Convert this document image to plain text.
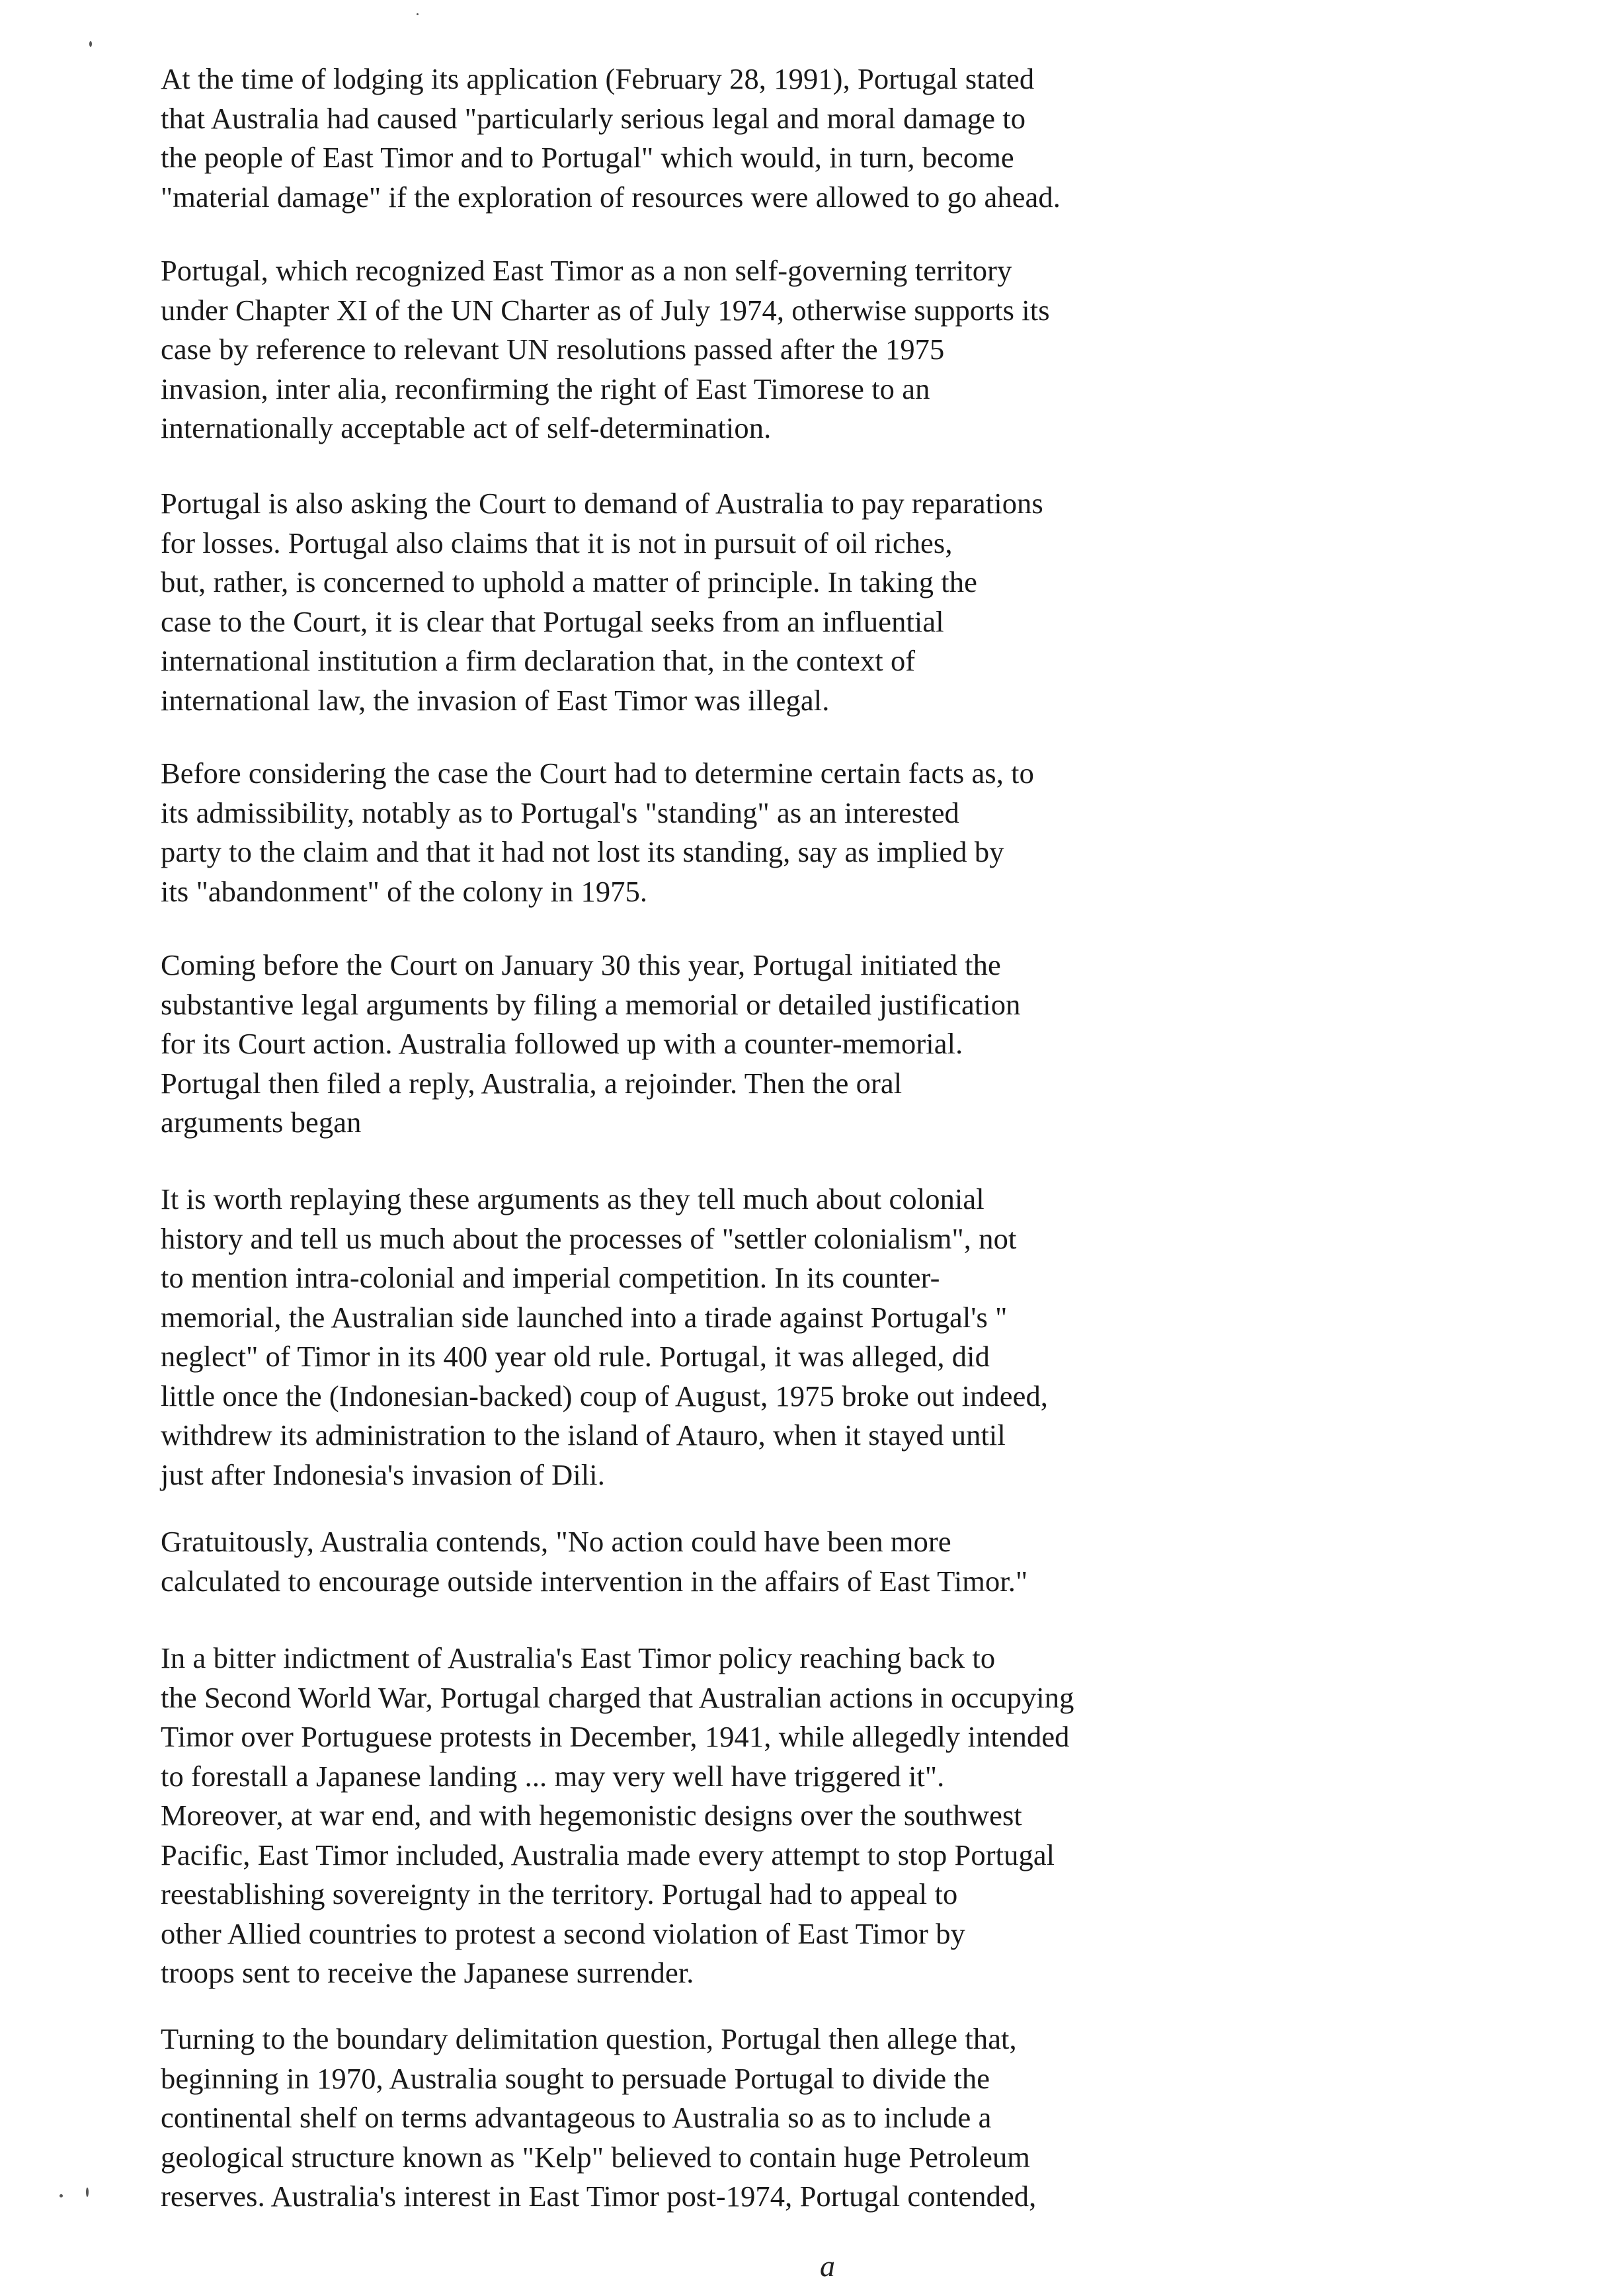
At the time of lodging its application (February 28, 1991), Portugal stated
that Australia had caused "particularly serious legal and moral damage to
the people of East Timor and to Portugal" which would, in turn, become
"material damage" if the exploration of resources were allowed to go ahead.

Portugal, which recognized East Timor as a non self-governing territory
under Chapter XI of the UN Charter as of July 1974, otherwise supports its
case by reference to relevant UN resolutions passed after the 1975
invasion, inter alia, reconfirming the right of East Timorese to an
internationally acceptable act of self-determination.

Portugal is also asking the Court to demand of Australia to pay reparations
for losses. Portugal also claims that it is not in pursuit of oil riches,
but, rather, is concerned to uphold a matter of principle. In taking the
case to the Court, it is clear that Portugal seeks from an influential
international institution a firm declaration that, in the context of
international law, the invasion of East Timor was illegal.

Before considering the case the Court had to determine certain facts as, to
its admissibility, notably as to Portugal's "standing" as an interested
party to the claim and that it had not lost its standing, say as implied by
its "abandonment" of the colony in 1975.

Coming before the Court on January 30 this year, Portugal initiated the
substantive legal arguments by filing a memorial or detailed justification
for its Court action. Australia followed up with a counter-memorial.
Portugal then filed a reply, Australia, a rejoinder. Then the oral
arguments began

It is worth replaying these arguments as they tell much about colonial
history and tell us much about the processes of "settler colonialism", not
to mention intra-colonial and imperial competition. In its counter-
memorial, the Australian side launched into a tirade against Portugal's "
neglect" of Timor in its 400 year old rule. Portugal, it was alleged, did
little once the (Indonesian-backed) coup of August, 1975 broke out indeed,
withdrew its administration to the island of Atauro, when it stayed until
just after Indonesia's invasion of Dili.

Gratuitously, Australia contends, "No action could have been more
calculated to encourage outside intervention in the affairs of East Timor."

In a bitter indictment of Australia's East Timor policy reaching back to
the Second World War, Portugal charged that Australian actions in occupying
Timor over Portuguese protests in December, 1941, while allegedly intended
to forestall a Japanese landing ... may very well have triggered it".
Moreover, at war end, and with hegemonistic designs over the southwest
Pacific, East Timor included, Australia made every attempt to stop Portugal
reestablishing sovereignty in the territory. Portugal had to appeal to
other Allied countries to protest a second violation of East Timor by
troops sent to receive the Japanese surrender.

Turning to the boundary delimitation question, Portugal then allege that,
beginning in 1970, Australia sought to persuade Portugal to divide the
continental shelf on terms advantageous to Australia so as to include a
geological structure known as "Kelp" believed to contain huge Petroleum
reserves. Australia's interest in East Timor post-1974, Portugal contended,

a
